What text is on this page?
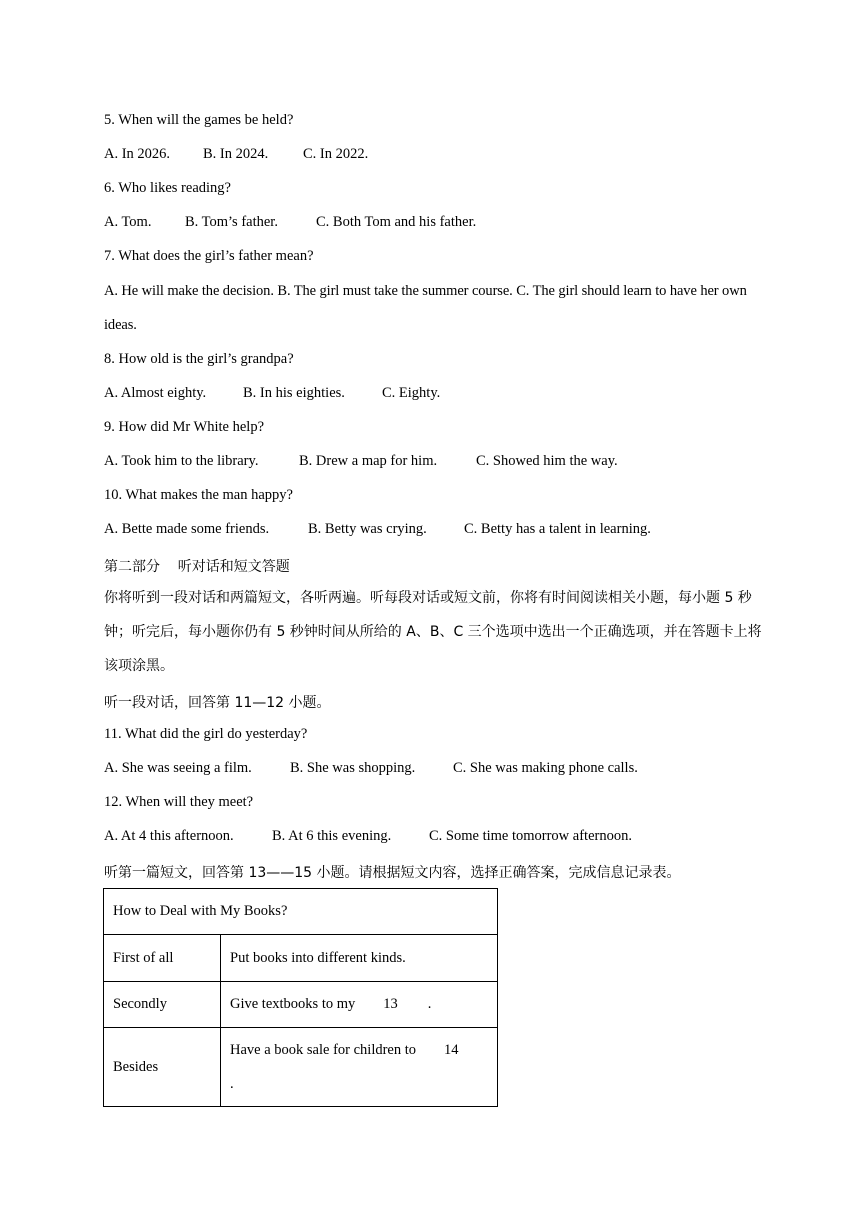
5. When will the games be held?
A. In 2026. B. In 2024. C. In 2022.
6. Who likes reading?
A. Tom. B. Tom’s father.	C. Both Tom and his father.
7. What does the girl’s father mean?
A. He will make the decision. B. The girl must take the summer course. C. The girl should learn to have her own ideas.
8. How old is the girl’s grandpa?
A. Almost eighty.	B. In his eighties.	C. Eighty.
9. How did Mr White help?
A. Took him to the library.	B. Drew a map for him.	C. Showed him the way.
10. What makes the man happy?
A. Bette made some friends.	B. Betty was crying.	C. Betty has a talent in learning.
第二部分    听对话和短文答题
你将听到一段对话和两篇短文，各听两遍。听每段对话或短文前，你将有时间阅读相关小题，每小题 5 秒钟；听完后，每小题你仍有 5 秒钟时间从所给的 A、B、C 三个选项中选出一个正确选项，并在答题卡上将该项涂黑。
听一段对话，回答第 11—12 小题。
11. What did the girl do yesterday?
A. She was seeing a film.	B. She was shopping.	C. She was making phone calls.
12. When will they meet?
A. At 4 this afternoon.	B. At 6 this evening.	C. Some time tomorrow afternoon.
听第一篇短文，回答第 13——15 小题。请根据短文内容，选择正确答案，完成信息记录表。
How to Deal with My Books?	
First of all	Put books into different kinds.
Secondly	Give textbooks to my 13 .
Besides	Have a book sale for children to 14
.
